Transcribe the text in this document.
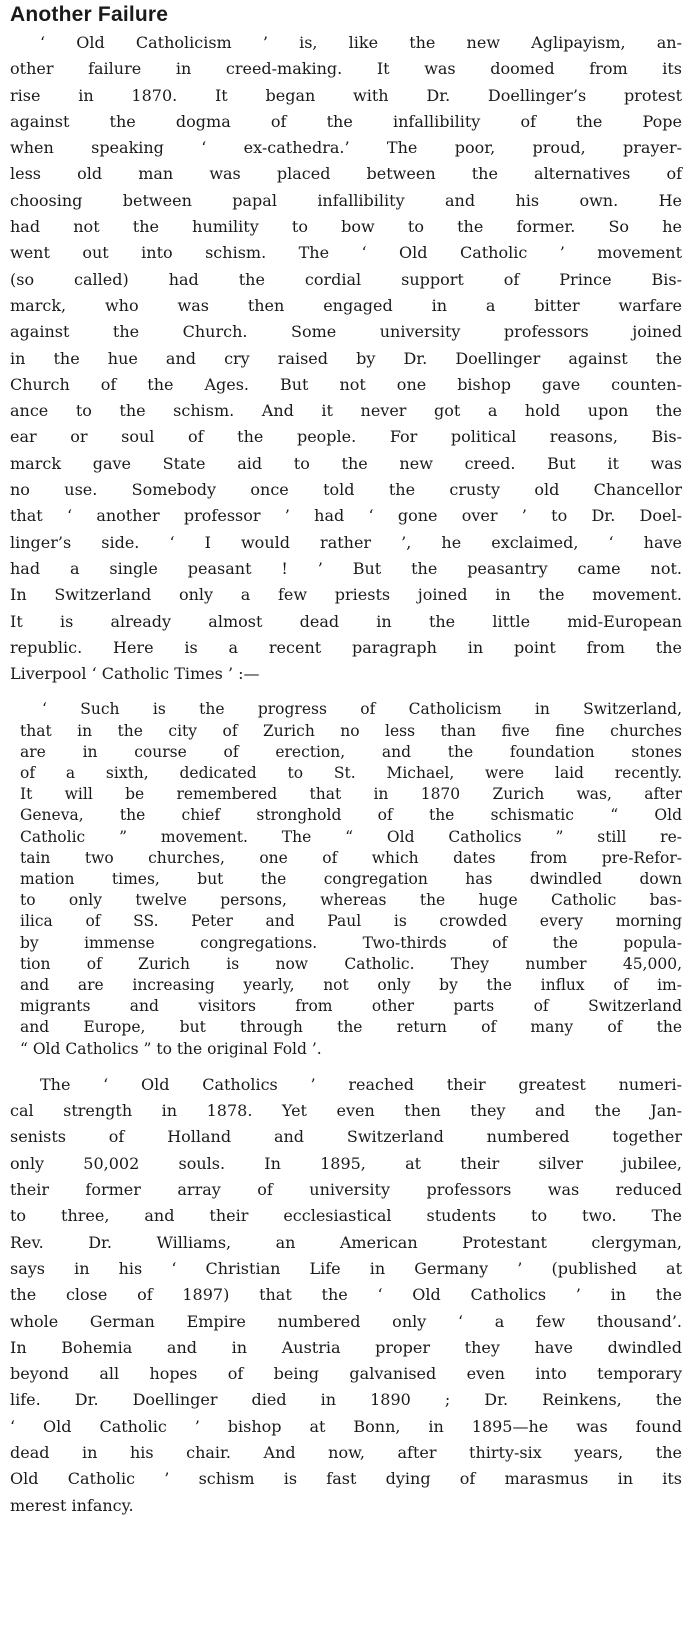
Another Failure
‘ Old Catholicism ’ is, like the new Aglipayism, an-
other failure in creed-making. It was doomed from its
rise in 1870. It began with Dr. Doellinger’s protest
against the dogma of the infallibility of the Pope
when speaking ‘ ex-cathedra.’ The poor, proud, prayer-
less old man was placed between the alternatives of
choosing between papal infallibility and his own. He
had not the humility to bow to the former. So he
went out into schism. The ‘ Old Catholic ’ movement
(so called) had the cordial support of Prince Bis-
marck, who was then engaged in a bitter warfare
against the Church. Some university professors joined
in the hue and cry raised by Dr. Doellinger against the
Church of the Ages. But not one bishop gave counten-
ance to the schism. And it never got a hold upon the
ear or soul of the people. For political reasons, Bis-
marck gave State aid to the new creed. But it was
no use. Somebody once told the crusty old Chancellor
that ‘ another professor ’ had ‘ gone over ’ to Dr. Doel-
linger’s side. ‘ I would rather ’, he exclaimed, ‘ have
had a single peasant ! ’ But the peasantry came not.
In Switzerland only a few priests joined in the movement.
It is already almost dead in the little mid-European
republic. Here is a recent paragraph in point from the
Liverpool ‘ Catholic Times ’ :—
‘ Such is the progress of Catholicism in Switzerland,
that in the city of Zurich no less than five fine churches
are in course of erection, and the foundation stones
of a sixth, dedicated to St. Michael, were laid recently.
It will be remembered that in 1870 Zurich was, after
Geneva, the chief stronghold of the schismatic “ Old
Catholic ” movement. The “ Old Catholics ” still re-
tain two churches, one of which dates from pre-Refor-
mation times, but the congregation has dwindled down
to only twelve persons, whereas the huge Catholic bas-
ilica of SS. Peter and Paul is crowded every morning
by immense congregations. Two-thirds of the popula-
tion of Zurich is now Catholic. They number 45,000,
and are increasing yearly, not only by the influx of im-
migrants and visitors from other parts of Switzerland
and Europe, but through the return of many of the
“ Old Catholics ” to the original Fold ’.
The ‘ Old Catholics ’ reached their greatest numeri-
cal strength in 1878. Yet even then they and the Jan-
senists of Holland and Switzerland numbered together
only 50,002 souls. In 1895, at their silver jubilee,
their former array of university professors was reduced
to three, and their ecclesiastical students to two. The
Rev. Dr. Williams, an American Protestant clergyman,
says in his ‘ Christian Life in Germany ’ (published at
the close of 1897) that the ‘ Old Catholics ’ in the
whole German Empire numbered only ‘ a few thousand’.
In Bohemia and in Austria proper they have dwindled
beyond all hopes of being galvanised even into temporary
life. Dr. Doellinger died in 1890 ; Dr. Reinkens, the
‘ Old Catholic ’ bishop at Bonn, in 1895—he was found
dead in his chair. And now, after thirty-six years, the
Old Catholic ’ schism is fast dying of marasmus in its
merest infancy.
